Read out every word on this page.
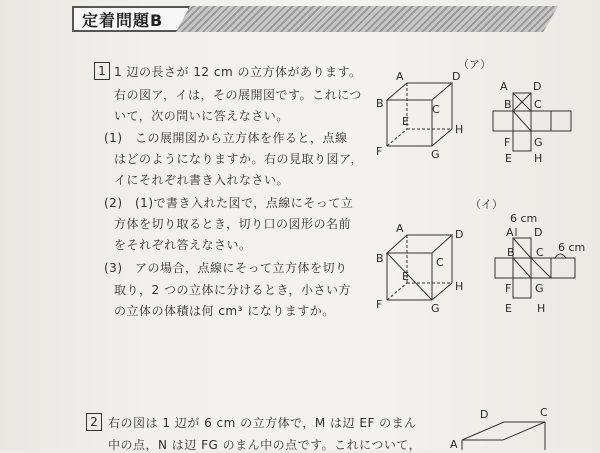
定着問題B
1 1 辺の長さが 12 cm の立方体があります。
右の図ア，イは，その展開図です。これにつ
いて，次の問いに答えなさい。
(1)　この展開図から立方体を作ると，点線
はどのようになりますか。右の見取り図ア，
イにそれぞれ書き入れなさい。
(2)　(1)で書き入れた図で，点線にそって立
方体を切り取るとき，切り口の図形の名前
をそれぞれ答えなさい。
(3)　アの場合，点線にそって立方体を切り
取り，2 つの立体に分けるとき，小さい方
の立体の体積は何 cm³ になりますか。
（ア）
（イ）
A	D
B	C
E
H
F	G
A D
B C
F G
E H
A	D
B	C
E
H
F	G
A D
B C
F G
E H
6 cm
6 cm
D	C
A
2 右の図は 1 辺が 6 cm の立方体で，M は辺 EF のまん
中の点，N は辺 FG のまん中の点です。これについて，
